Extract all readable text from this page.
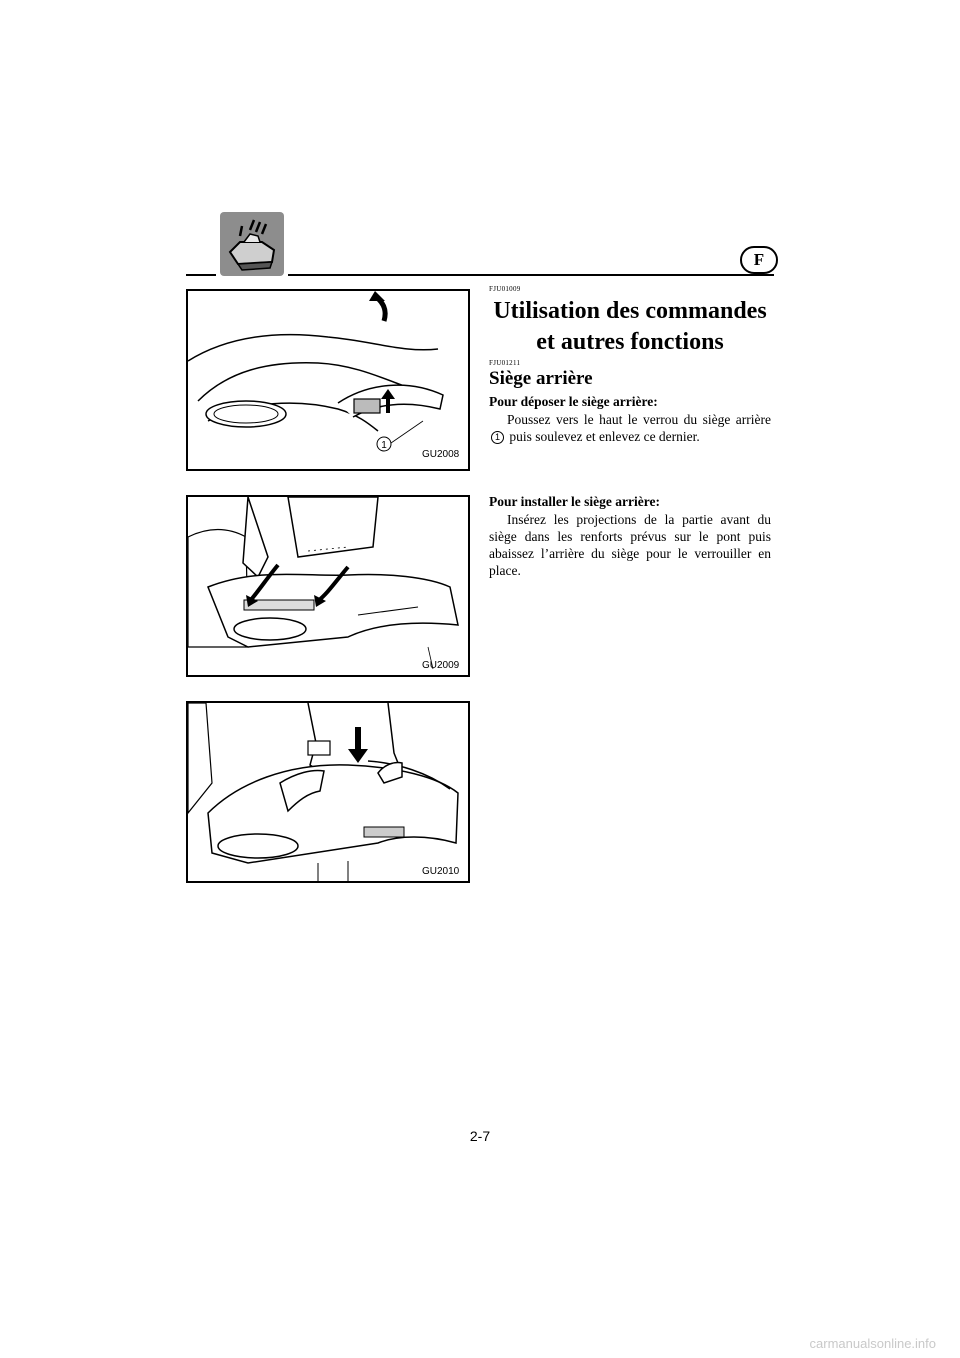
F
1
GU2008
GU2009
GU2010
FJU01009
Utilisation des commandes et autres fonctions
FJU01211
Siège arrière
Pour déposer le siège arrière:
Poussez vers le haut le verrou du siège arrière 1 puis soulevez et enlevez ce dernier.
Pour installer le siège arrière:
Insérez les projections de la partie avant du siège dans les renforts prévus sur le pont puis abaissez l’arrière du siège pour le verrouiller en place.
2-7
carmanualsonline.info
